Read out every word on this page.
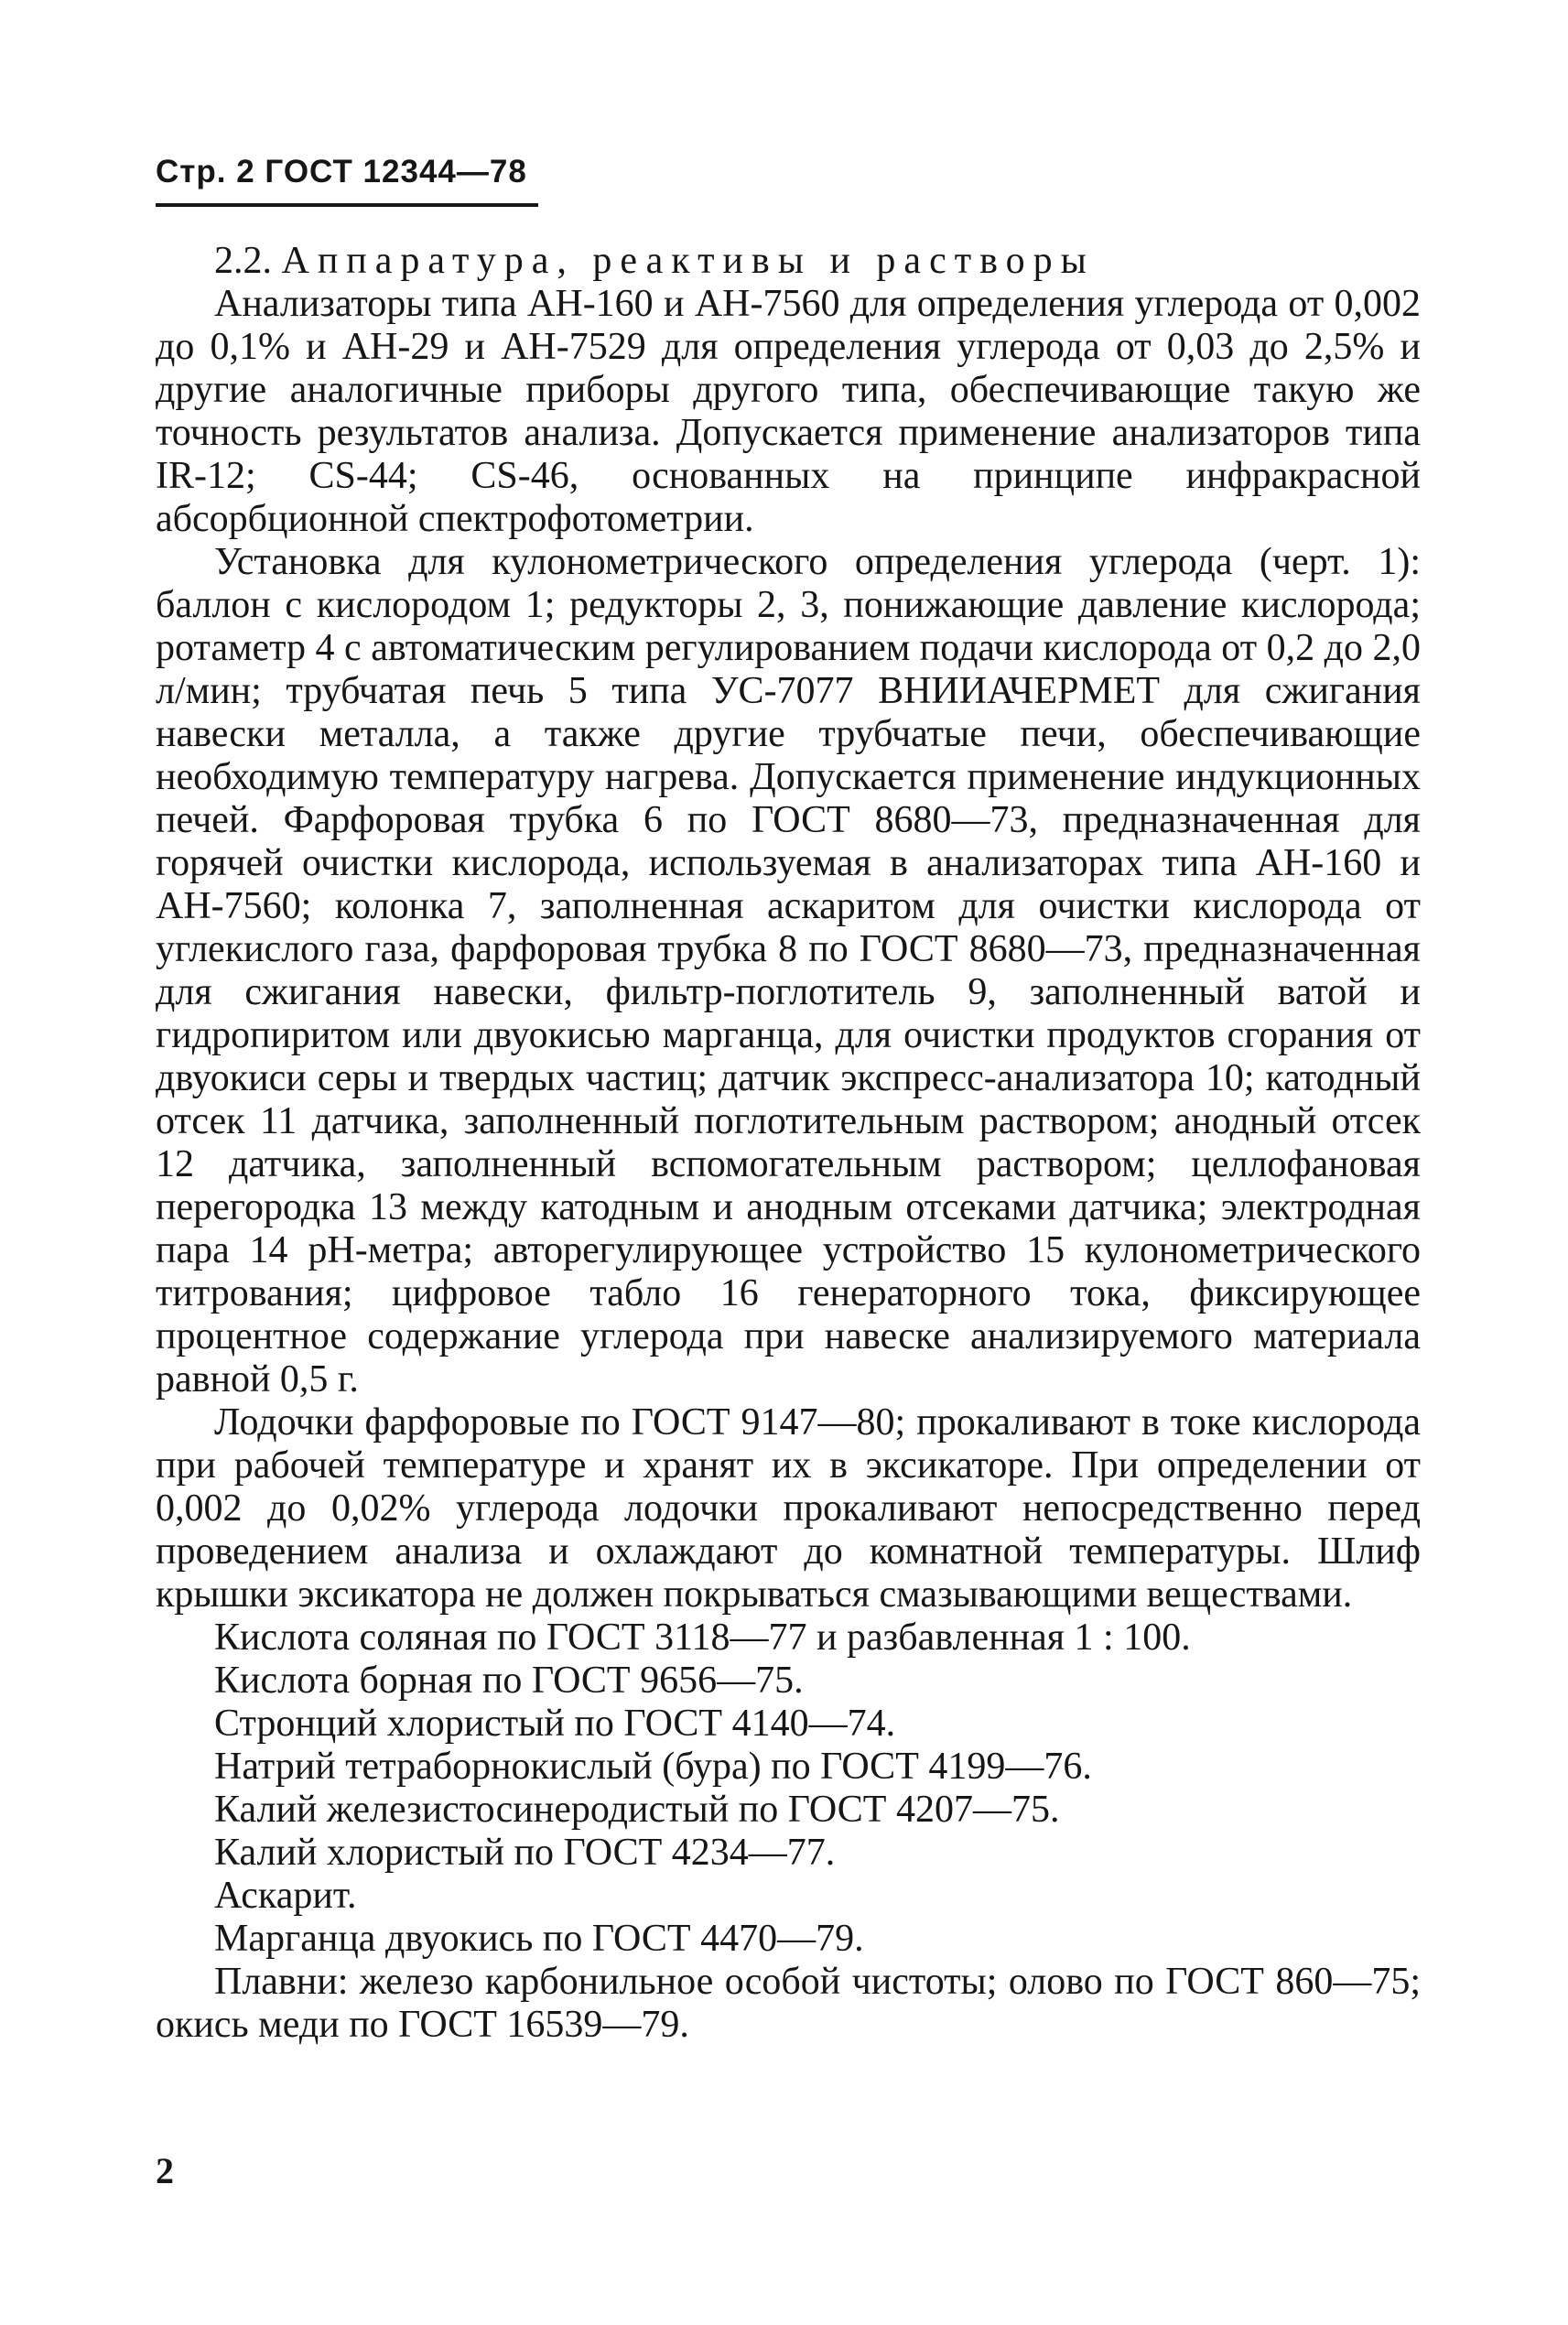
Стр. 2 ГОСТ 12344—78

2.2. Аппаратура, реактивы и растворы

Анализаторы типа АН-160 и АН-7560 для определения углерода от 0,002 до 0,1% и АН-29 и АН-7529 для определения углерода от 0,03 до 2,5% и другие аналогичные приборы другого типа, обеспечивающие такую же точность результатов анализа. Допускается применение анализаторов типа IR-12; CS-44; CS-46, основанных на принципе инфракрасной абсорбционной спектрофотометрии.

Установка для кулонометрического определения углерода (черт. 1): баллон с кислородом 1; редукторы 2, 3, понижающие давление кислорода; ротаметр 4 с автоматическим регулированием подачи кислорода от 0,2 до 2,0 л/мин; трубчатая печь 5 типа УС-7077 ВНИИАЧЕРМЕТ для сжигания навески металла, а также другие трубчатые печи, обеспечивающие необходимую температуру нагрева. Допускается применение индукционных печей. Фарфоровая трубка 6 по ГОСТ 8680—73, предназначенная для горячей очистки кислорода, используемая в анализаторах типа АН-160 и АН-7560; колонка 7, заполненная аскаритом для очистки кислорода от углекислого газа, фарфоровая трубка 8 по ГОСТ 8680—73, предназначенная для сжигания навески, фильтр-поглотитель 9, заполненный ватой и гидропиритом или двуокисью марганца, для очистки продуктов сгорания от двуокиси серы и твердых частиц; датчик экспресс-анализатора 10; катодный отсек 11 датчика, заполненный поглотительным раствором; анодный отсек 12 датчика, заполненный вспомогательным раствором; целлофановая перегородка 13 между катодным и анодным отсеками датчика; электродная пара 14 рН-метра; авторегулирующее устройство 15 кулонометрического титрования; цифровое табло 16 генераторного тока, фиксирующее процентное содержание углерода при навеске анализируемого материала равной 0,5 г.

Лодочки фарфоровые по ГОСТ 9147—80; прокаливают в токе кислорода при рабочей температуре и хранят их в эксикаторе. При определении от 0,002 до 0,02% углерода лодочки прокаливают непосредственно перед проведением анализа и охлаждают до комнатной температуры. Шлиф крышки эксикатора не должен покрываться смазывающими веществами.

Кислота соляная по ГОСТ 3118—77 и разбавленная 1 : 100.

Кислота борная по ГОСТ 9656—75.

Стронций хлористый по ГОСТ 4140—74.

Натрий тетраборнокислый (бура) по ГОСТ 4199—76.

Калий железистосинеродистый по ГОСТ 4207—75.

Калий хлористый по ГОСТ 4234—77.

Аскарит.

Марганца двуокись по ГОСТ 4470—79.

Плавни: железо карбонильное особой чистоты; олово по ГОСТ 860—75; окись меди по ГОСТ 16539—79.

2
